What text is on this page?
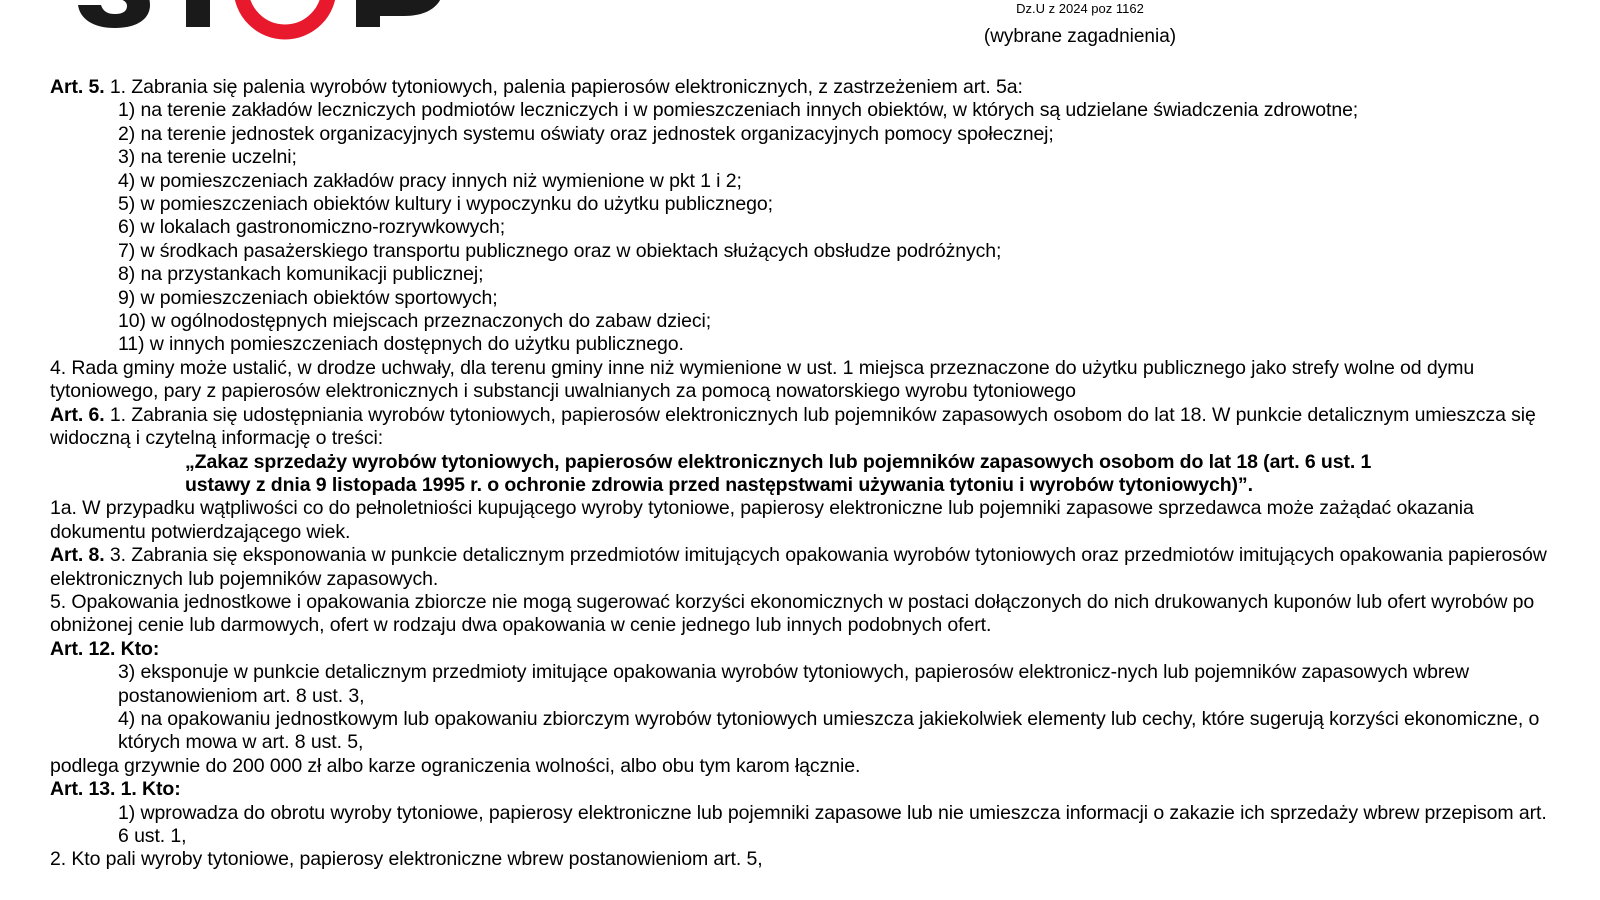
Dz.U z 2024 poz 1162
(wybrane zagadnienia)

Art. 5. 1. Zabrania się palenia wyrobów tytoniowych, palenia papierosów elektronicznych, z zastrzeżeniem art. 5a:

1) na terenie zakładów leczniczych podmiotów leczniczych i w pomieszczeniach innych obiektów, w których są udzielane świadczenia zdrowotne;

2) na terenie jednostek organizacyjnych systemu oświaty oraz jednostek organizacyjnych pomocy społecznej;

3) na terenie uczelni;

4) w pomieszczeniach zakładów pracy innych niż wymienione w pkt 1 i 2;

5) w pomieszczeniach obiektów kultury i wypoczynku do użytku publicznego;

6) w lokalach gastronomiczno-rozrywkowych;

7) w środkach pasażerskiego transportu publicznego oraz w obiektach służących obsłudze podróżnych;

8) na przystankach komunikacji publicznej;

9) w pomieszczeniach obiektów sportowych;

10) w ogólnodostępnych miejscach przeznaczonych do zabaw dzieci;

11) w innych pomieszczeniach dostępnych do użytku publicznego.

4. Rada gminy może ustalić, w drodze uchwały, dla terenu gminy inne niż wymienione w ust. 1 miejsca przeznaczone do użytku publicznego jako strefy wolne od dymu tytoniowego, pary z papierosów elektronicznych i substancji uwalnianych za pomocą nowatorskiego wyrobu tytoniowego

Art. 6. 1. Zabrania się udostępniania wyrobów tytoniowych, papierosów elektronicznych lub pojemników zapasowych osobom do lat 18. W punkcie detalicznym umieszcza się widoczną i czytelną informację o treści:

„Zakaz sprzedaży wyrobów tytoniowych, papierosów elektronicznych lub pojemników zapasowych osobom do lat 18 (art. 6 ust. 1

ustawy z dnia 9 listopada 1995 r. o ochronie zdrowia przed następstwami używania tytoniu i wyrobów tytoniowych)”.

1a. W przypadku wątpliwości co do pełnoletniości kupującego wyroby tytoniowe, papierosy elektroniczne lub pojemniki zapasowe sprzedawca może zażądać okazania dokumentu potwierdzającego wiek.

Art. 8. 3. Zabrania się eksponowania w punkcie detalicznym przedmiotów imitujących opakowania wyrobów tytoniowych oraz przedmiotów imitujących opakowania papierosów elektronicznych lub pojemników zapasowych.

5. Opakowania jednostkowe i opakowania zbiorcze nie mogą sugerować korzyści ekonomicznych w postaci dołączonych do nich drukowanych kuponów lub ofert wyrobów po obniżonej cenie lub darmowych, ofert w rodzaju dwa opakowania w cenie jednego lub innych podobnych ofert.

Art. 12. Kto:

3) eksponuje w punkcie detalicznym przedmioty imitujące opakowania wyrobów tytoniowych, papierosów elektronicz-nych lub pojemników zapasowych wbrew postanowieniom art. 8 ust. 3,

4) na opakowaniu jednostkowym lub opakowaniu zbiorczym wyrobów tytoniowych umieszcza jakiekolwiek elementy lub cechy, które sugerują korzyści ekonomiczne, o których mowa w art. 8 ust. 5,

podlega grzywnie do 200 000 zł albo karze ograniczenia wolności, albo obu tym karom łącznie.

Art. 13. 1. Kto:

1) wprowadza do obrotu wyroby tytoniowe, papierosy elektroniczne lub pojemniki zapasowe lub nie umieszcza informacji o zakazie ich sprzedaży wbrew przepisom art. 6 ust. 1,

2. Kto pali wyroby tytoniowe, papierosy elektroniczne wbrew postanowieniom art. 5,
